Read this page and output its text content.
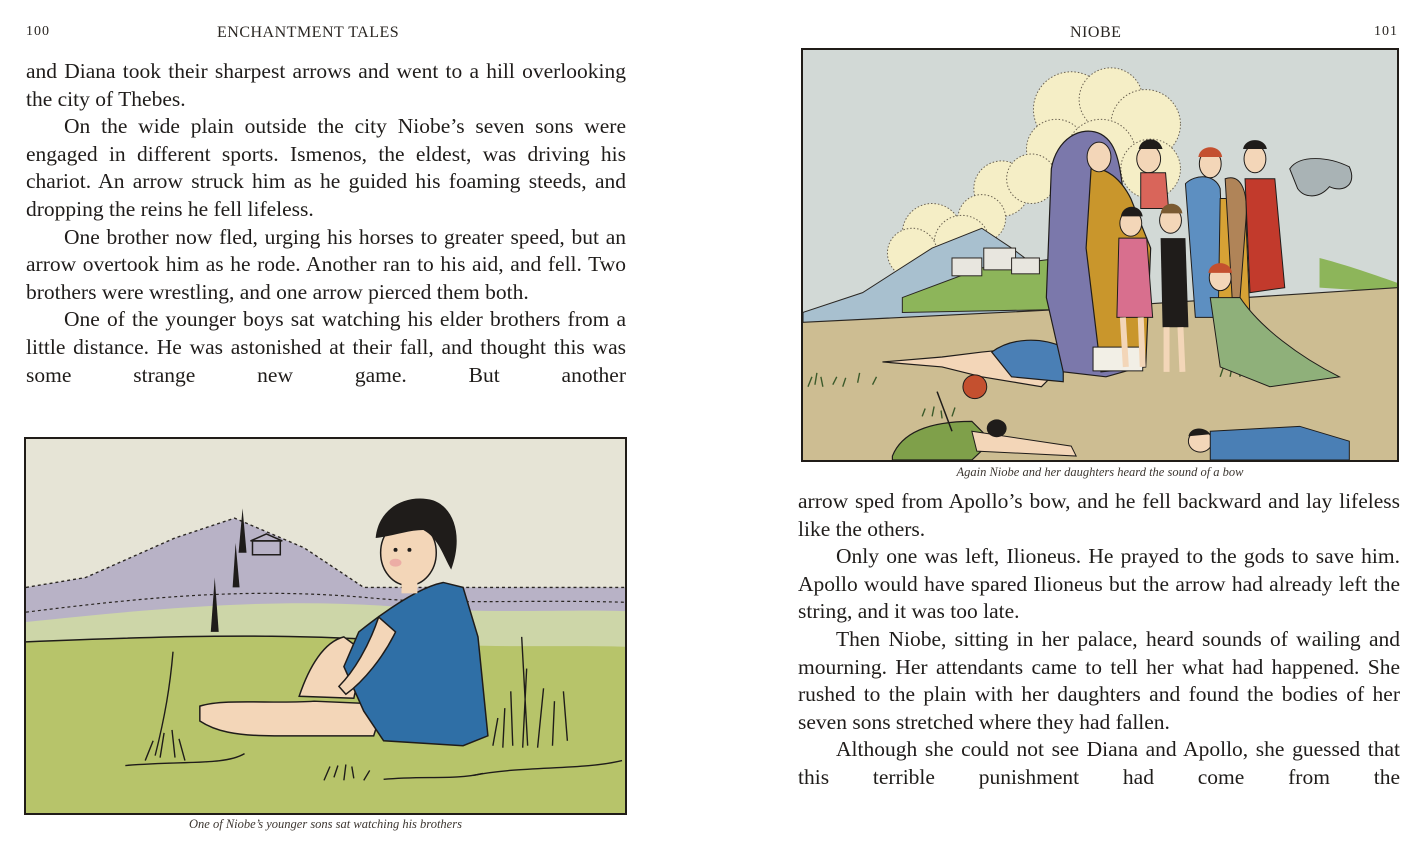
100	ENCHANTMENT TALES

and Diana took their sharpest arrows and went to a hill overlooking the city of Thebes.

On the wide plain outside the city Niobe’s seven sons were engaged in different sports. Ismenos, the eldest, was driving his chariot. An arrow struck him as he guided his foaming steeds, and dropping the reins he fell lifeless.

One brother now fled, urging his horses to greater speed, but an arrow overtook him as he rode. Another ran to his aid, and fell. Two brothers were wrestling, and one arrow pierced them both.

One of the younger boys sat watching his elder brothers from a little distance. He was astonished at their fall, and thought this was some strange new game. But another

One of Niobe’s younger sons sat watching his brothers
NIOBE	101
Again Niobe and her daughters heard the sound of a bow

arrow sped from Apollo’s bow, and he fell backward and lay lifeless like the others.

Only one was left, Ilioneus. He prayed to the gods to save him. Apollo would have spared Ilioneus but the arrow had already left the string, and it was too late.

Then Niobe, sitting in her palace, heard sounds of wailing and mourning. Her attendants came to tell her what had happened. She rushed to the plain with her daughters and found the bodies of her seven sons stretched where they had fallen.

Although she could not see Diana and Apollo, she guessed that this terrible punishment had come from the
